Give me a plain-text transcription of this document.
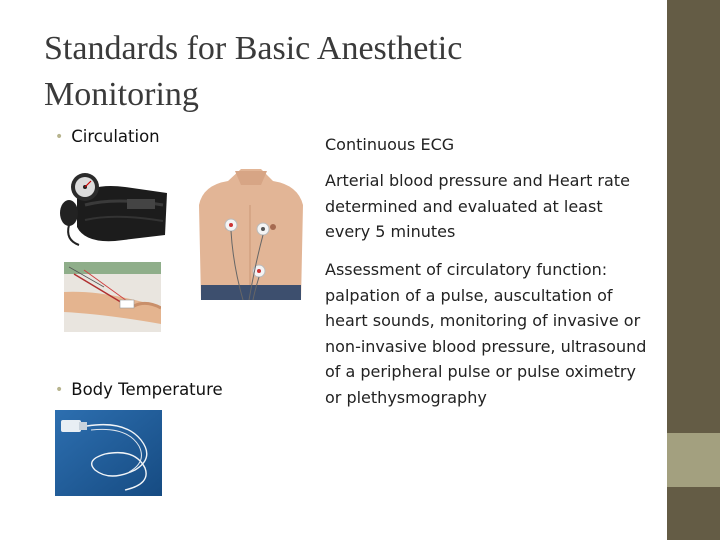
Standards for Basic Anesthetic
Monitoring
• Circulation
• Body Temperature
Continuous ECG
Arterial blood pressure and Heart rate determined and evaluated at least every 5 minutes
Assessment of circulatory function: palpation of a pulse, auscultation of heart sounds, monitoring of invasive or non-invasive blood pressure, ultrasound of a peripheral pulse or pulse oximetry or plethysmography
